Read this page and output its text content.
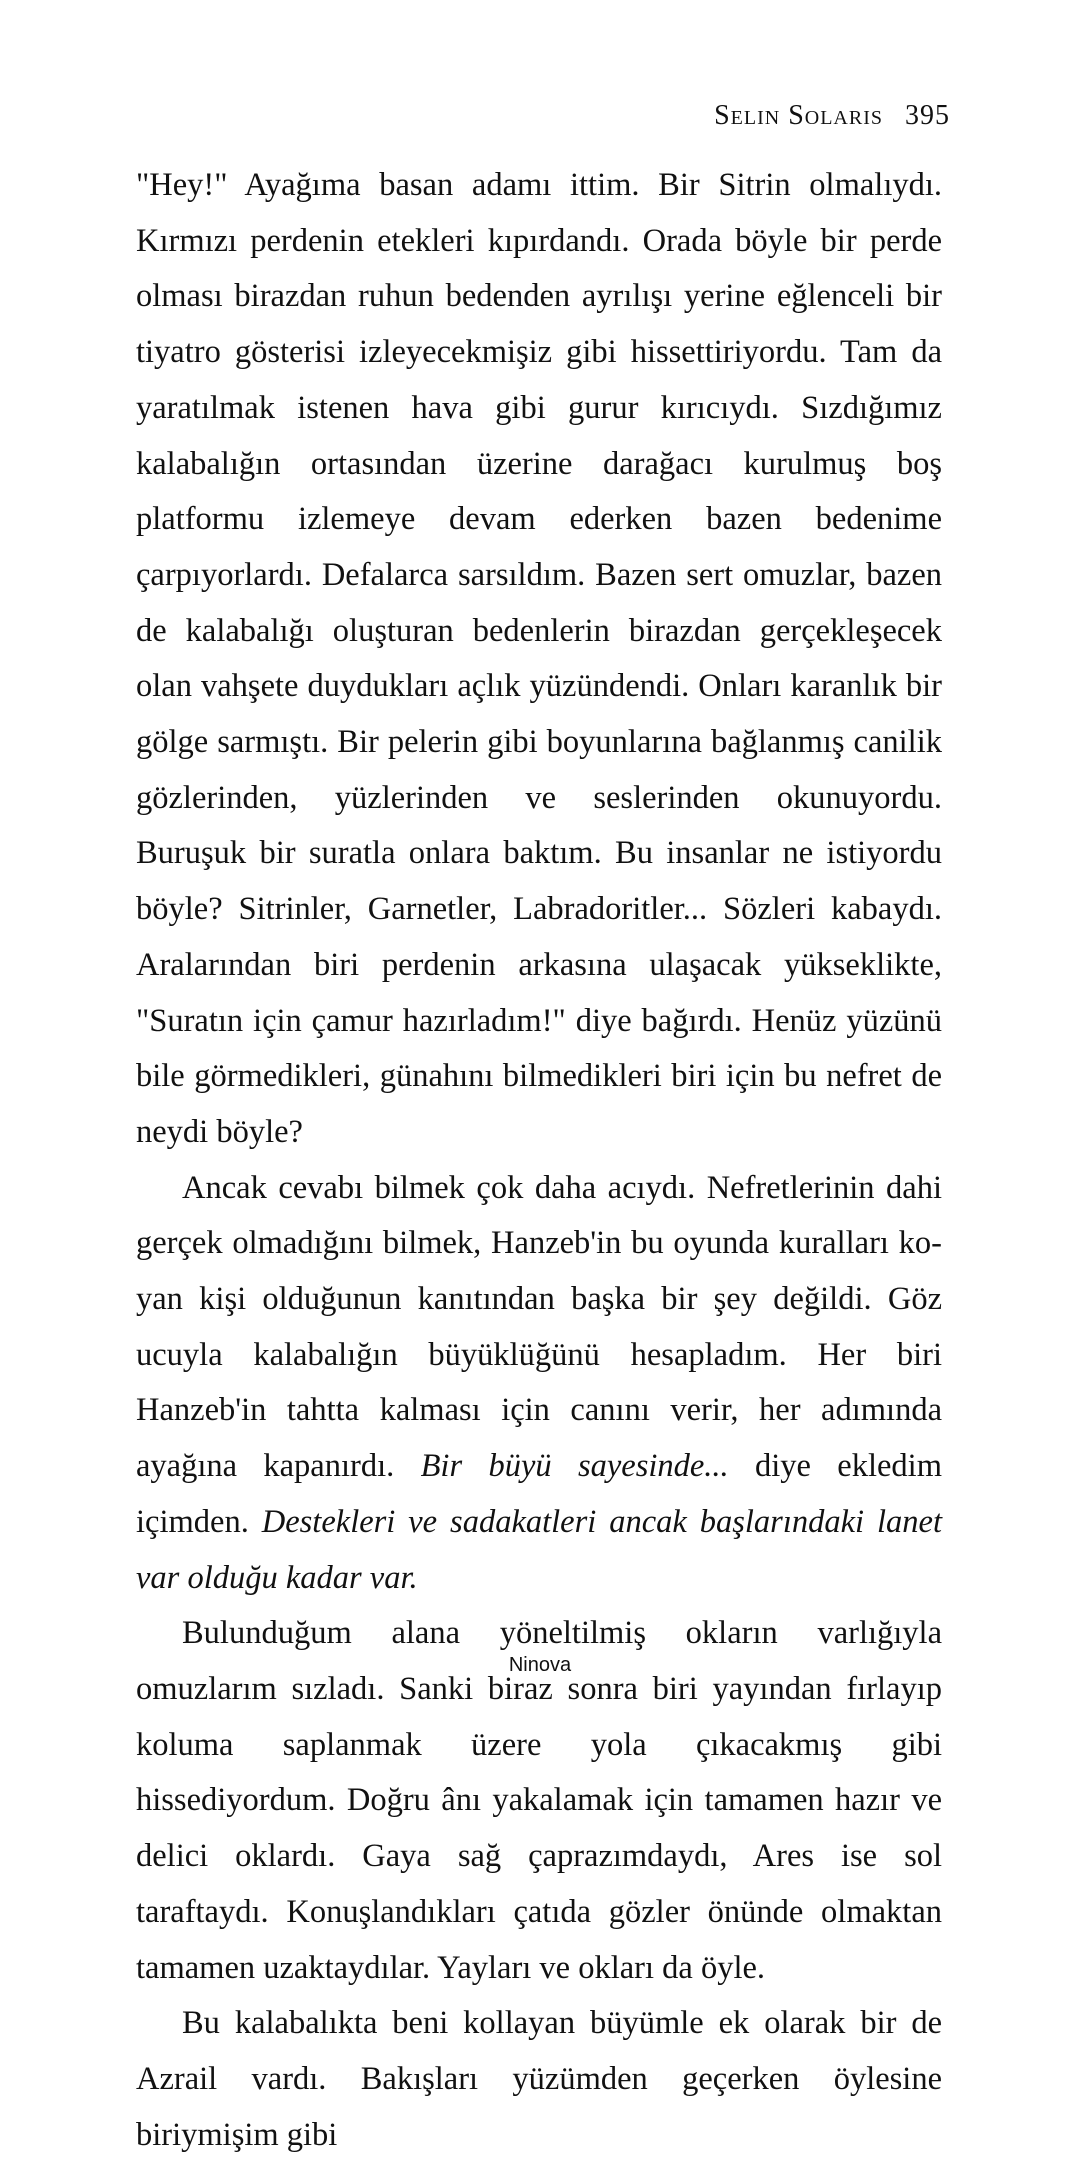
Selin Solaris 395

"Hey!" Ayağıma basan adamı ittim. Bir Sitrin olmalıydı. Kırmızı perdenin etekleri kıpırdandı. Orada böyle bir perde olması birazdan ruhun bedenden ayrılışı yerine eğlenceli bir tiyatro gösterisi izleyecekmişiz gibi hissettiriyordu. Tam da yaratılmak istenen hava gibi gurur kırıcıydı. Sızdığımız kalabalığın ortasından üzerine darağacı kurulmuş boş platformu izlemeye devam ederken bazen bedenime çarpıyorlardı. Defalarca sarsıldım. Bazen sert omuzlar, bazen de kalabalığı oluşturan bedenlerin birazdan gerçekleşecek olan vahşete duydukları açlık yüzündendi. Onları karanlık bir gölge sarmıştı. Bir pelerin gibi boyunlarına bağlanmış canilik gözlerinden, yüzlerinden ve seslerinden okunuyordu. Buruşuk bir suratla onlara baktım. Bu insanlar ne istiyordu böyle? Sitrinler, Garnetler, Labradoritler... Sözleri kabaydı. Aralarından biri perdenin arkasına ulaşacak yükseklikte, "Suratın için çamur hazırladım!" diye bağırdı. Henüz yüzünü bile görmedikleri, günahını bilmedikleri biri için bu nefret de neydi böyle?

Ancak cevabı bilmek çok daha acıydı. Nefretlerinin dahi gerçek olmadığını bilmek, Hanzeb'in bu oyunda kuralları koyan kişi olduğunun kanıtından başka bir şey değildi. Göz ucuyla kalabalığın büyüklüğünü hesapladım. Her biri Hanzeb'in tahtta kalması için canını verir, her adımında ayağına kapanırdı. Bir büyü sayesinde... diye ekledim içimden. Destekleri ve sadakatleri ancak başlarındaki lanet var olduğu kadar var.

Bulunduğum alana yöneltilmiş okların varlığıyla omuzlarım sızladı. Sanki biraz sonra biri yayından fırlayıp koluma saplanmak üzere yola çıkacakmış gibi hissediyordum. Doğru ânı yakalamak için tamamen hazır ve delici oklardı. Gaya sağ çaprazımdaydı, Ares ise sol taraftaydı. Konuşlandıkları çatıda gözler önünde olmaktan tamamen uzaktaydılar. Yayları ve okları da öyle.

Bu kalabalıkta beni kollayan büyümle ek olarak bir de Azrail vardı. Bakışları yüzümden geçerken öylesine biriymişim gibi

Ninova
